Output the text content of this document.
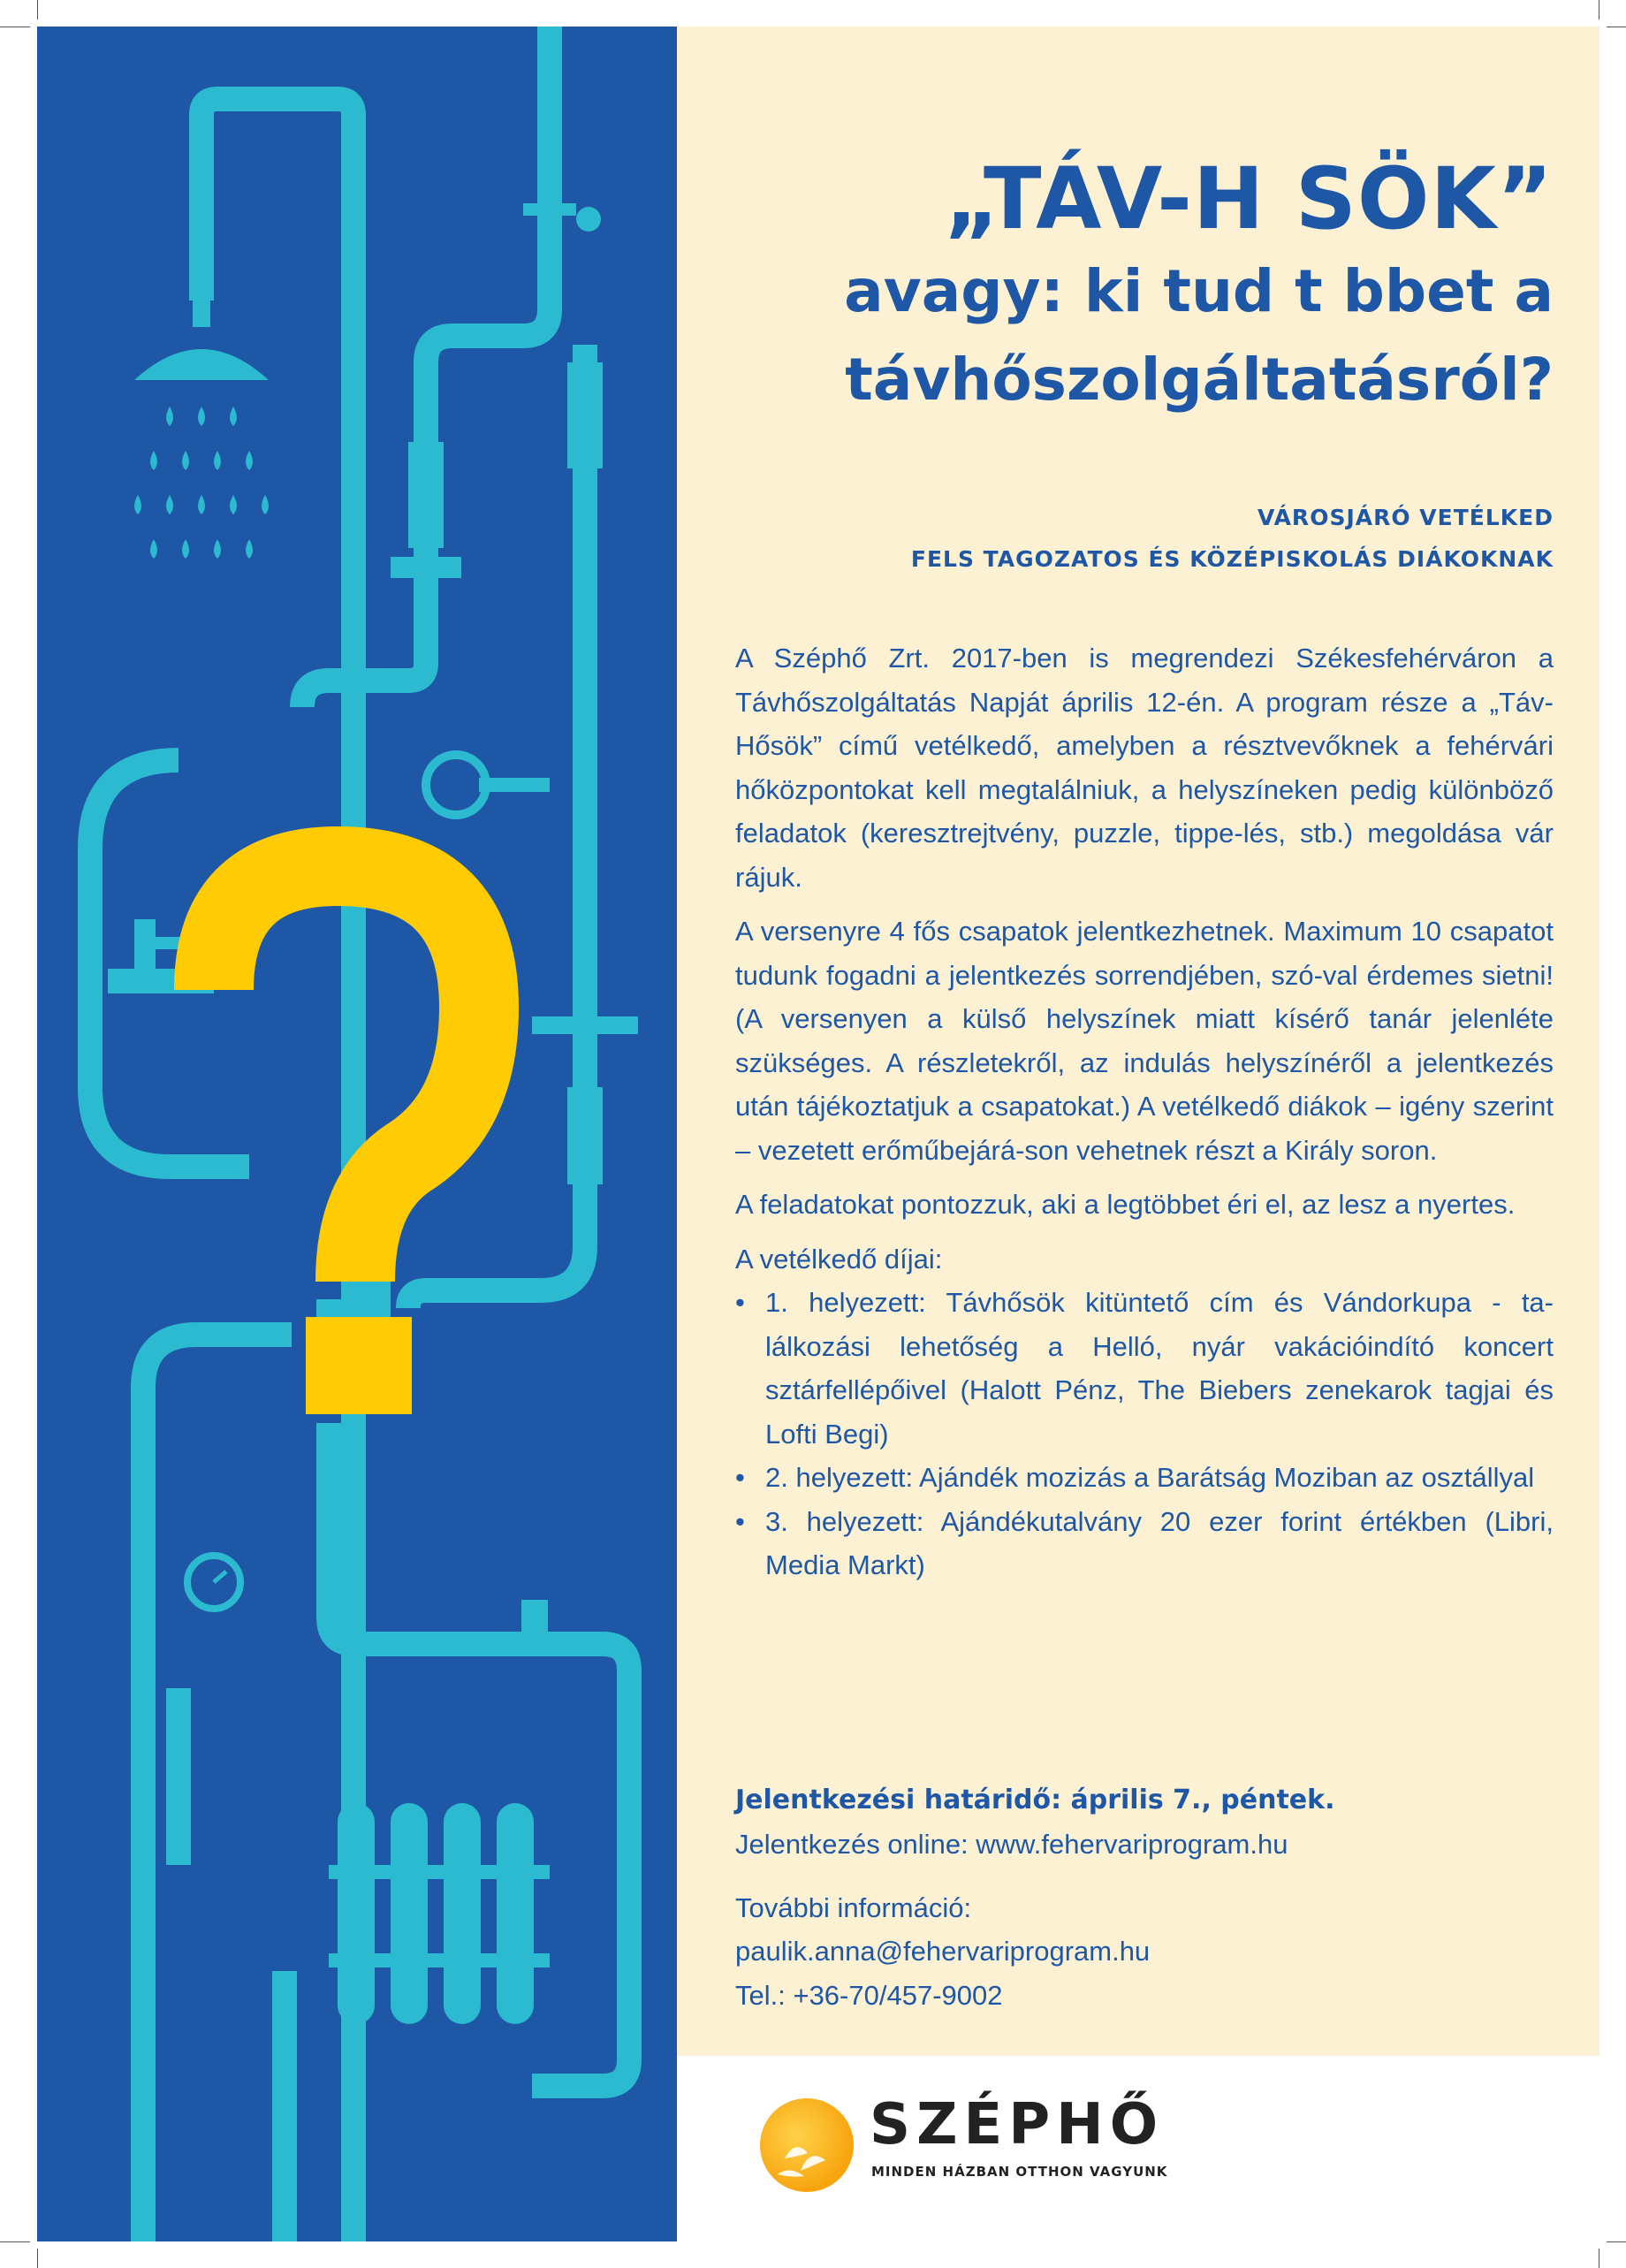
„TÁV-H SÖK”
avagy: ki tud t bbet a
távhőszolgáltatásról?
VÁROSJÁRÓ VETÉLKED
FELS TAGOZATOS ÉS KÖZÉPISKOLÁS DIÁKOKNAK

A Széphő Zrt. 2017-ben is megrendezi Székesfehérváron a Távhőszolgáltatás Napját április 12-én. A program része a „Táv-Hősök” című vetélkedő, amelyben a résztvevőknek a fehérvári hőközpontokat kell megtalálniuk, a helyszíneken pedig különböző feladatok (keresztrejtvény, puzzle, tippe-lés, stb.) megoldása vár rájuk.

A versenyre 4 fős csapatok jelentkezhetnek. Maximum 10 csapatot tudunk fogadni a jelentkezés sorrendjében, szó-val érdemes sietni! (A versenyen a külső helyszínek miatt kísérő tanár jelenléte szükséges. A részletekről, az indulás helyszínéről a jelentkezés után tájékoztatjuk a csapatokat.) A vetélkedő diákok – igény szerint – vezetett erőműbejárá-son vehetnek részt a Király soron.

A feladatokat pontozzuk, aki a legtöbbet éri el, az lesz a nyertes.

A vetélkedő díjai:
• 1. helyezett: Távhősök kitüntető cím és Vándorkupa - ta-lálkozási lehetőség a Helló, nyár vakációindító koncert sztárfellépőivel (Halott Pénz, The Biebers zenekarok tagjai és Lofti Begi)
• 2. helyezett: Ajándék mozizás a Barátság Moziban az osztállyal
• 3. helyezett: Ajándékutalvány 20 ezer forint értékben (Libri, Media Markt)
Jelentkezési határidő: április 7., péntek.
Jelentkezés online: www.fehervariprogram.hu
További információ:
paulik.anna@fehervariprogram.hu
Tel.: +36-70/457-9002
SZÉPHŐ
MINDEN HÁZBAN OTTHON VAGYUNK
